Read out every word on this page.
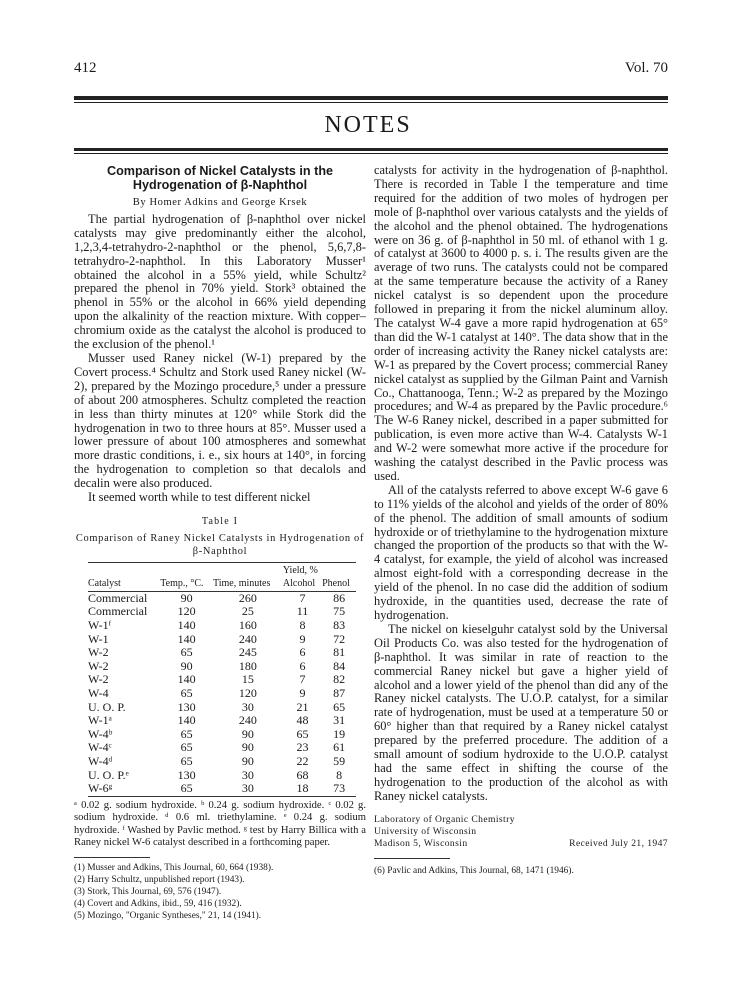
412	Vol. 70
NOTES
Comparison of Nickel Catalysts in the Hydrogenation of β-Naphthol
By Homer Adkins and George Krsek

The partial hydrogenation of β-naphthol over nickel catalysts may give predominantly either the alcohol, 1,2,3,4-tetrahydro-2-naphthol or the phenol, 5,6,7,8-tetrahydro-2-naphthol. In this Laboratory Musser¹ obtained the alcohol in a 55% yield, while Schultz² prepared the phenol in 70% yield. Stork³ obtained the phenol in 55% or the alcohol in 66% yield depending upon the alkalinity of the reaction mixture. With copper–chromium oxide as the catalyst the alcohol is produced to the exclusion of the phenol.¹

Musser used Raney nickel (W-1) prepared by the Covert process.⁴ Schultz and Stork used Raney nickel (W-2), prepared by the Mozingo procedure,⁵ under a pressure of about 200 atmospheres. Schultz completed the reaction in less than thirty minutes at 120° while Stork did the hydrogenation in two to three hours at 85°. Musser used a lower pressure of about 100 atmospheres and somewhat more drastic conditions, i. e., six hours at 140°, in forcing the hydrogenation to completion so that decalols and decalin were also produced.

It seemed worth while to test different nickel

Table I
Comparison of Raney Nickel Catalysts in Hydrogenation of β-Naphthol
Catalyst	Temp., °C.	Time, minutes	Yield, %	
			Alcohol	Phenol
Commercial	90	260	7	86
Commercial	120	25	11	75
W-1ᶠ	140	160	8	83
W-1	140	240	9	72
W-2	65	245	6	81
W-2	90	180	6	84
W-2	140	15	7	82
W-4	65	120	9	87
U. O. P.	130	30	21	65
W-1ᵃ	140	240	48	31
W-4ᵇ	65	90	65	19
W-4ᶜ	65	90	23	61
W-4ᵈ	65	90	22	59
U. O. P.ᵉ	130	30	68	8
W-6ᵍ	65	30	18	73
ᵃ 0.02 g. sodium hydroxide. ᵇ 0.24 g. sodium hydroxide. ᶜ 0.02 g. sodium hydroxide. ᵈ 0.6 ml. triethylamine. ᵉ 0.24 g. sodium hydroxide. ᶠ Washed by Pavlic method. ᵍ test by Harry Billica with a Raney nickel W-6 catalyst described in a forthcoming paper.
(1) Musser and Adkins, This Journal, 60, 664 (1938).
(2) Harry Schultz, unpublished report (1943).
(3) Stork, This Journal, 69, 576 (1947).
(4) Covert and Adkins, ibid., 59, 416 (1932).
(5) Mozingo, "Organic Syntheses," 21, 14 (1941).

catalysts for activity in the hydrogenation of β-naphthol. There is recorded in Table I the temperature and time required for the addition of two moles of hydrogen per mole of β-naphthol over various catalysts and the yields of the alcohol and the phenol obtained. The hydrogenations were on 36 g. of β-naphthol in 50 ml. of ethanol with 1 g. of catalyst at 3600 to 4000 p. s. i. The results given are the average of two runs. The catalysts could not be compared at the same temperature because the activity of a Raney nickel catalyst is so dependent upon the procedure followed in preparing it from the nickel aluminum alloy. The catalyst W-4 gave a more rapid hydrogenation at 65° than did the W-1 catalyst at 140°. The data show that in the order of increasing activity the Raney nickel catalysts are: W-1 as prepared by the Covert process; commercial Raney nickel catalyst as supplied by the Gilman Paint and Varnish Co., Chattanooga, Tenn.; W-2 as prepared by the Mozingo procedures; and W-4 as prepared by the Pavlic procedure.⁶ The W-6 Raney nickel, described in a paper submitted for publication, is even more active than W-4. Catalysts W-1 and W-2 were somewhat more active if the procedure for washing the catalyst described in the Pavlic process was used.

All of the catalysts referred to above except W-6 gave 6 to 11% yields of the alcohol and yields of the order of 80% of the phenol. The addition of small amounts of sodium hydroxide or of triethylamine to the hydrogenation mixture changed the proportion of the products so that with the W-4 catalyst, for example, the yield of alcohol was increased almost eight-fold with a corresponding decrease in the yield of the phenol. In no case did the addition of sodium hydroxide, in the quantities used, decrease the rate of hydrogenation.

The nickel on kieselguhr catalyst sold by the Universal Oil Products Co. was also tested for the hydrogenation of β-naphthol. It was similar in rate of reaction to the commercial Raney nickel but gave a higher yield of alcohol and a lower yield of the phenol than did any of the Raney nickel catalysts. The U.O.P. catalyst, for a similar rate of hydrogenation, must be used at a temperature 50 or 60° higher than that required by a Raney nickel catalyst prepared by the preferred procedure. The addition of a small amount of sodium hydroxide to the U.O.P. catalyst had the same effect in shifting the course of the hydrogenation to the production of the alcohol as with Raney nickel catalysts.

Laboratory of Organic Chemistry
University of Wisconsin
Madison 5, Wisconsin	Received July 21, 1947
(6) Pavlic and Adkins, This Journal, 68, 1471 (1946).
